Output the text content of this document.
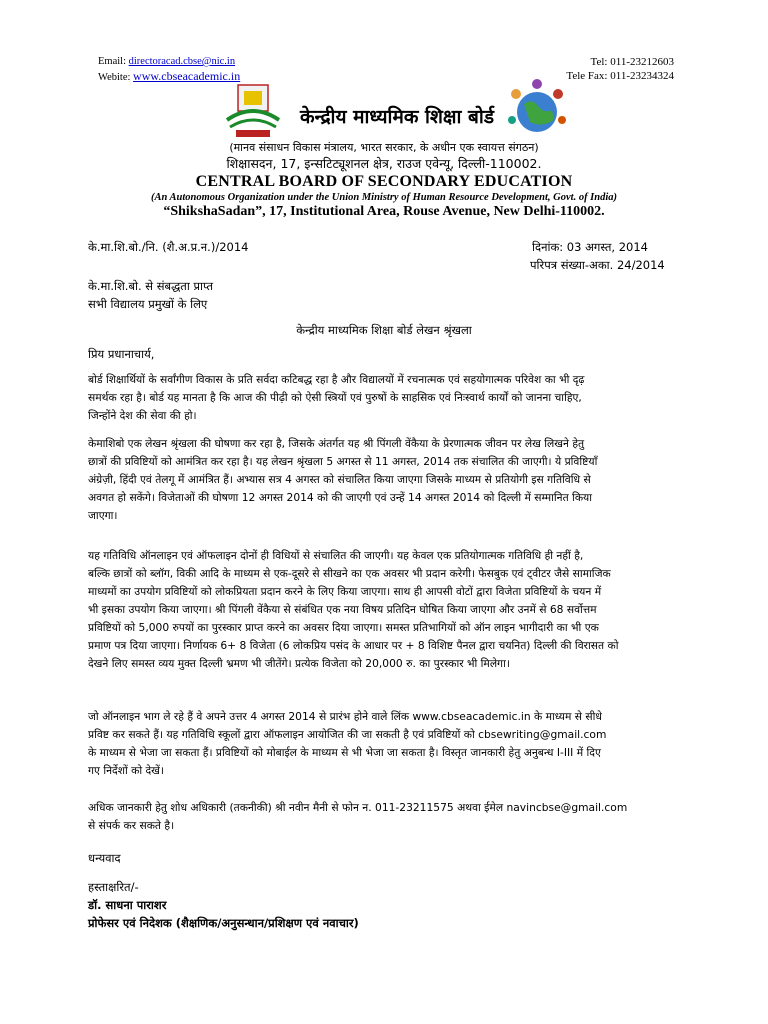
Email: directoracad.cbse@nic.in
Webite: www.cbseacademic.in
Tel: 011-23212603
Tele Fax: 011-23234324
केन्द्रीय माध्यमिक शिक्षा बोर्ड
(मानव संसाधन विकास मंत्रालय, भारत सरकार, के अधीन एक स्वायत्त संगठन)
शिक्षासदन, 17, इन्सटिट्यूशनल क्षेत्र, राउज एवेन्यू, दिल्ली-110002.
CENTRAL BOARD OF SECONDARY EDUCATION
(An Autonomous Organization under the Union Ministry of Human Resource Development, Govt. of India)
“ShikshaSadan”, 17, Institutional Area, Rouse Avenue, New Delhi-110002.
के.मा.शि.बो./नि. (शै.अ.प्र.न.)/2014	दिनांक: 03 अगस्त, 2014
परिपत्र संख्या-अका. 24/2014
के.मा.शि.बो. से संबद्धता प्राप्त
सभी विद्यालय प्रमुखों के लिए
केन्द्रीय माध्यमिक शिक्षा बोर्ड लेखन श्रृंखला
प्रिय प्रधानाचार्य,
बोर्ड शिक्षार्थियों के सर्वांगीण विकास के प्रति सर्वदा कटिबद्ध रहा है और विद्यालयों में रचनात्मक एवं सहयोगात्मक परिवेश का भी दृढ़
समर्थक रहा है। बोर्ड यह मानता है कि आज की पीढ़ी को ऐसी स्त्रियों एवं पुरुषों के साहसिक एवं निःस्वार्थ कार्यों को जानना चाहिए,
जिन्होंने देश की सेवा की हो।
केमाशिबो एक लेखन श्रृंखला की घोषणा कर रहा है, जिसके अंतर्गत यह श्री पिंगली वेंकैया के प्रेरणात्मक जीवन पर लेख लिखने हेतु
छात्रों की प्रविष्टियों को आमंत्रित कर रहा है। यह लेखन श्रृंखला 5 अगस्त से 11 अगस्त, 2014 तक संचालित की जाएगी। ये प्रविष्टियाँ
अंग्रेज़ी, हिंदी एवं तेलगू में आमंत्रित हैं। अभ्यास सत्र 4 अगस्त को संचालित किया जाएगा जिसके माध्यम से प्रतियोगी इस गतिविधि से
अवगत हो सकेंगे। विजेताओं की घोषणा 12 अगस्त 2014 को की जाएगी एवं उन्हें 14 अगस्त 2014 को दिल्ली में सम्मानित किया
जाएगा।
यह गतिविधि ऑनलाइन एवं ऑफलाइन दोनों ही विधियों से संचालित की जाएगी। यह केवल एक प्रतियोगात्मक गतिविधि ही नहीं है,
बल्कि छात्रों को ब्लॉग, विकी आदि के माध्यम से एक-दूसरे से सीखने का एक अवसर भी प्रदान करेगी। फेसबुक एवं ट्वीटर जैसे सामाजिक
माध्यमों का उपयोग प्रविष्टियों को लोकप्रियता प्रदान करने के लिए किया जाएगा। साथ ही आपसी वोटों द्वारा विजेता प्रविष्टियों के चयन में
भी इसका उपयोग किया जाएगा। श्री पिंगली वेंकैया से संबंधित एक नया विषय प्रतिदिन घोषित किया जाएगा और उनमें से 68 सर्वोत्तम
प्रविष्टियों को 5,000 रुपयों का पुरस्कार प्राप्त करने का अवसर दिया जाएगा। समस्त प्रतिभागियों को ऑन लाइन भागीदारी का भी एक
प्रमाण पत्र दिया जाएगा। निर्णायक 6+ 8 विजेता (6 लोकप्रिय पसंद के आधार पर + 8 विशिष्ट पैनल द्वारा चयनित) दिल्ली की विरासत को
देखने लिए समस्त व्यय मुक्त दिल्ली भ्रमण भी जीतेंगे। प्रत्येक विजेता को 20,000 रु. का पुरस्कार भी मिलेगा।
जो ऑनलाइन भाग ले रहे हैं वे अपने उत्तर 4 अगस्त 2014 से प्रारंभ होने वाले लिंक www.cbseacademic.in के माध्यम से सीधे
प्रविष्ट कर सकते हैं। यह गतिविधि स्कूलों द्वारा ऑफलाइन आयोजित की जा सकती है एवं प्रविष्टियों को cbsewriting@gmail.com
के माध्यम से भेजा जा सकता हैं। प्रविष्टियों को मोबाईल के माध्यम से भी भेजा जा सकता है। विस्तृत जानकारी हेतु अनुबन्ध I-III में दिए
गए निर्देशों को देखें।
अधिक जानकारी हेतु शोध अधिकारी (तकनीकी) श्री नवीन मैनी से फोन न. 011-23211575 अथवा ईमेल navincbse@gmail.com
से संपर्क कर सकते है।
धन्यवाद
हस्ताक्षरित/-
डॉ. साधना पाराशर
प्रोफेसर एवं निदेशक (शैक्षणिक/अनुसन्धान/प्रशिक्षण एवं नवाचार)
